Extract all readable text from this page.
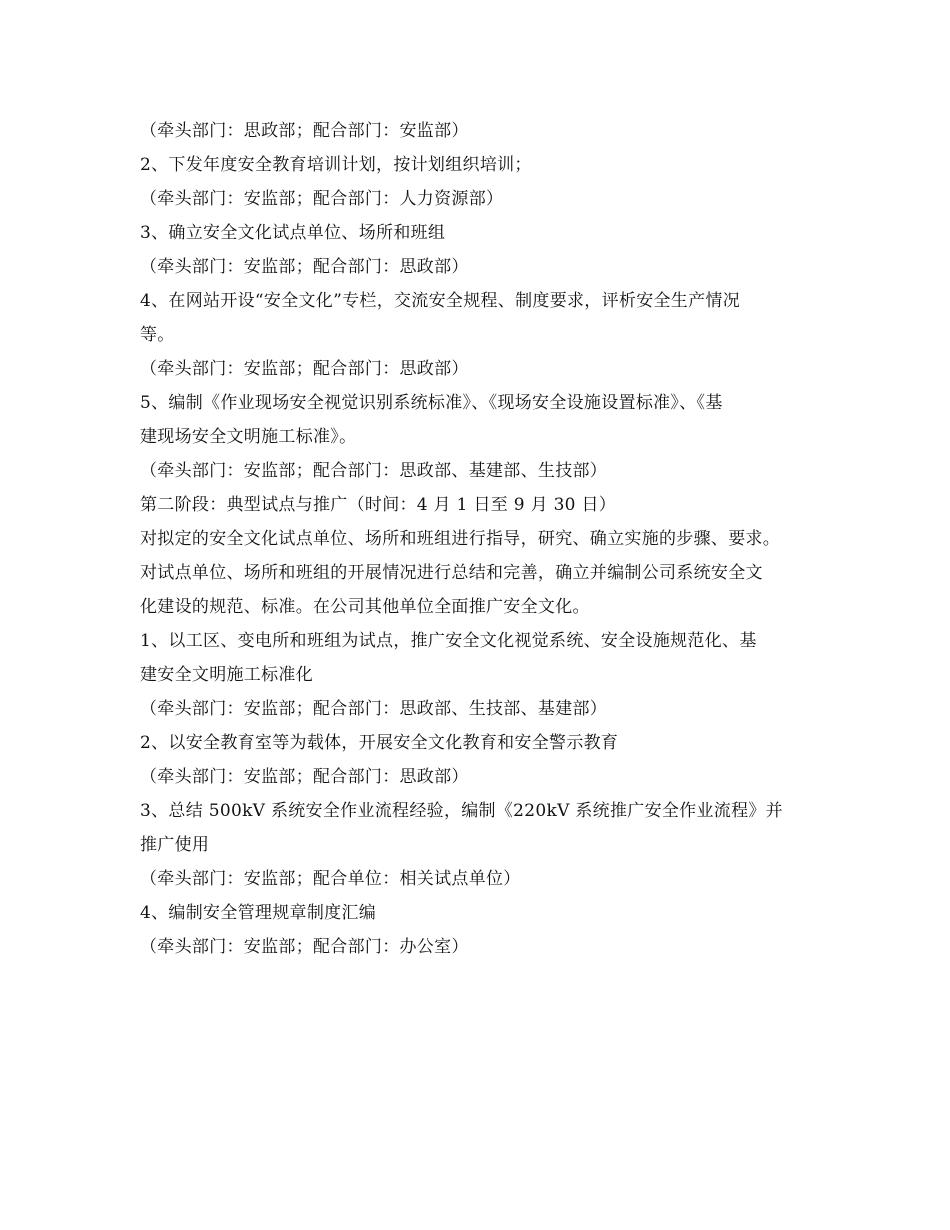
（牵头部门：思政部；配合部门：安监部）
2、下发年度安全教育培训计划，按计划组织培训；
（牵头部门：安监部；配合部门：人力资源部）
3、确立安全文化试点单位、场所和班组
（牵头部门：安监部；配合部门：思政部）
4、在网站开设“安全文化”专栏，交流安全规程、制度要求，评析安全生产情况
等。
（牵头部门：安监部；配合部门：思政部）
5、编制《作业现场安全视觉识别系统标准》、《现场安全设施设置标准》、《基
建现场安全文明施工标准》。
（牵头部门：安监部；配合部门：思政部、基建部、生技部）
第二阶段：典型试点与推广（时间：4 月 1 日至 9 月 30 日）
对拟定的安全文化试点单位、场所和班组进行指导，研究、确立实施的步骤、要求。
对试点单位、场所和班组的开展情况进行总结和完善，确立并编制公司系统安全文
化建设的规范、标准。在公司其他单位全面推广安全文化。
1、以工区、变电所和班组为试点，推广安全文化视觉系统、安全设施规范化、基
建安全文明施工标准化
（牵头部门：安监部；配合部门：思政部、生技部、基建部）
2、以安全教育室等为载体，开展安全文化教育和安全警示教育
（牵头部门：安监部；配合部门：思政部）
3、总结 500kV 系统安全作业流程经验，编制《220kV 系统推广安全作业流程》并
推广使用
（牵头部门：安监部；配合单位：相关试点单位）
4、编制安全管理规章制度汇编
（牵头部门：安监部；配合部门：办公室）
